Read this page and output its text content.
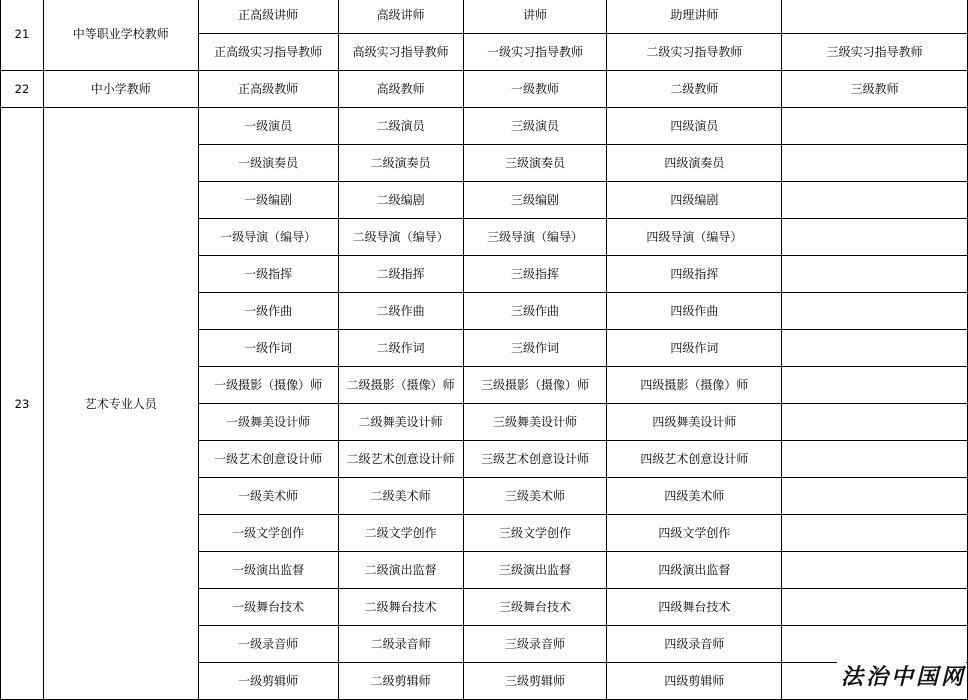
21	中等职业学校教师	正高级讲师	高级讲师	讲师	助理讲师	
		正高级实习指导教师	高级实习指导教师	一级实习指导教师	二级实习指导教师	三级实习指导教师
22	中小学教师	正高级教师	高级教师	一级教师	二级教师	三级教师
23	艺术专业人员	一级演员	二级演员	三级演员	四级演员	
		一级演奏员	二级演奏员	三级演奏员	四级演奏员	
		一级编剧	二级编剧	三级编剧	四级编剧	
		一级导演（编导）	二级导演（编导）	三级导演（编导）	四级导演（编导）	
		一级指挥	二级指挥	三级指挥	四级指挥	
		一级作曲	二级作曲	三级作曲	四级作曲	
		一级作词	二级作词	三级作词	四级作词	
		一级摄影（摄像）师	二级摄影（摄像）师	三级摄影（摄像）师	四级摄影（摄像）师	
		一级舞美设计师	二级舞美设计师	三级舞美设计师	四级舞美设计师	
		一级艺术创意设计师	二级艺术创意设计师	三级艺术创意设计师	四级艺术创意设计师	
		一级美术师	二级美术师	三级美术师	四级美术师	
		一级文学创作	二级文学创作	三级文学创作	四级文学创作	
		一级演出监督	二级演出监督	三级演出监督	四级演出监督	
		一级舞台技术	二级舞台技术	三级舞台技术	四级舞台技术	
		一级录音师	二级录音师	三级录音师	四级录音师	
		一级剪辑师	二级剪辑师	三级剪辑师	四级剪辑师		法治中国网
